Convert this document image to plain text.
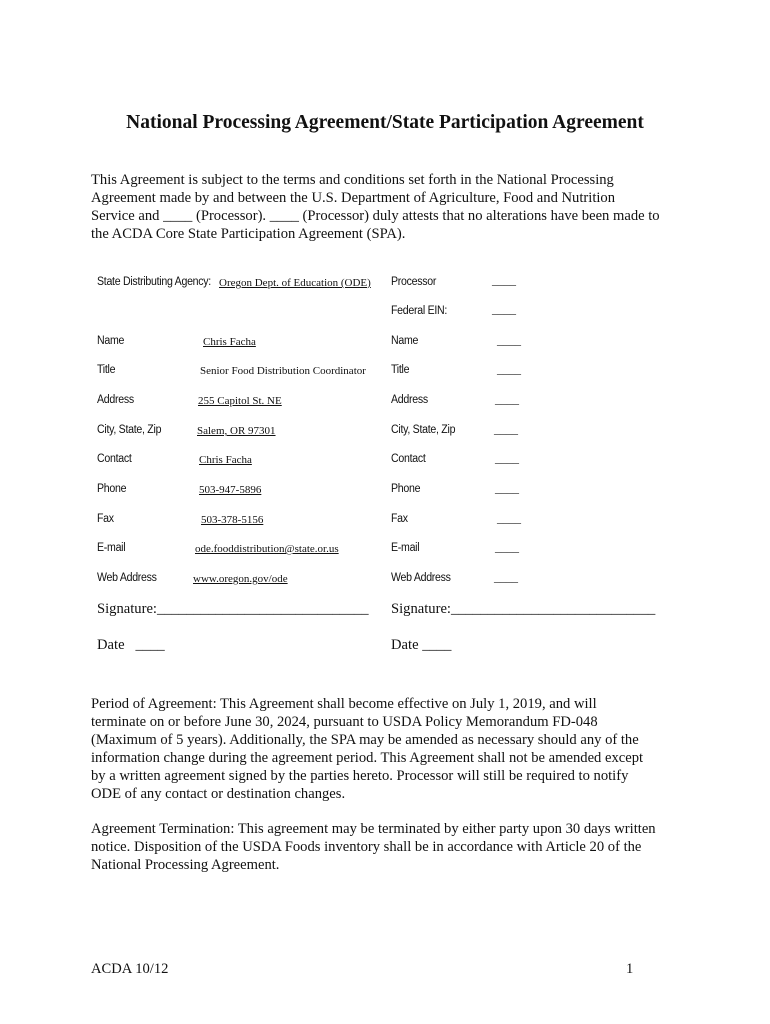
National Processing Agreement/State Participation Agreement
This Agreement is subject to the terms and conditions set forth in the National Processing
Agreement made by and between the U.S. Department of Agriculture, Food and Nutrition
Service and ____ (Processor). ____ (Processor) duly attests that no alterations have been made to
the ACDA Core State Participation Agreement (SPA).
State Distributing Agency: Oregon Dept. of Education (ODE)
Name	Chris Facha
Title	Senior Food Distribution Coordinator
Address	255 Capitol St. NE
City, State, Zip	Salem, OR 97301
Contact	Chris Facha
Phone	503-947-5896
Fax	503-378-5156
E-mail	ode.fooddistribution@state.or.us
Web Address	www.oregon.gov/ode
Signature:_____________________________
Date   ____
Processor	____
Federal EIN:	____
Name	____
Title	____
Address	____
City, State, Zip	____
Contact	____
Phone	____
Fax	____
E-mail	____
Web Address	____
Signature:____________________________
Date ____
Period of Agreement: This Agreement shall become effective on July 1, 2019, and will
terminate on or before June 30, 2024, pursuant to USDA Policy Memorandum FD-048
(Maximum of 5 years). Additionally, the SPA may be amended as necessary should any of the
information change during the agreement period. This Agreement shall not be amended except
by a written agreement signed by the parties hereto. Processor will still be required to notify
ODE of any contact or destination changes.
Agreement Termination: This agreement may be terminated by either party upon 30 days written
notice. Disposition of the USDA Foods inventory shall be in accordance with Article 20 of the
National Processing Agreement.
ACDA 10/12	1
